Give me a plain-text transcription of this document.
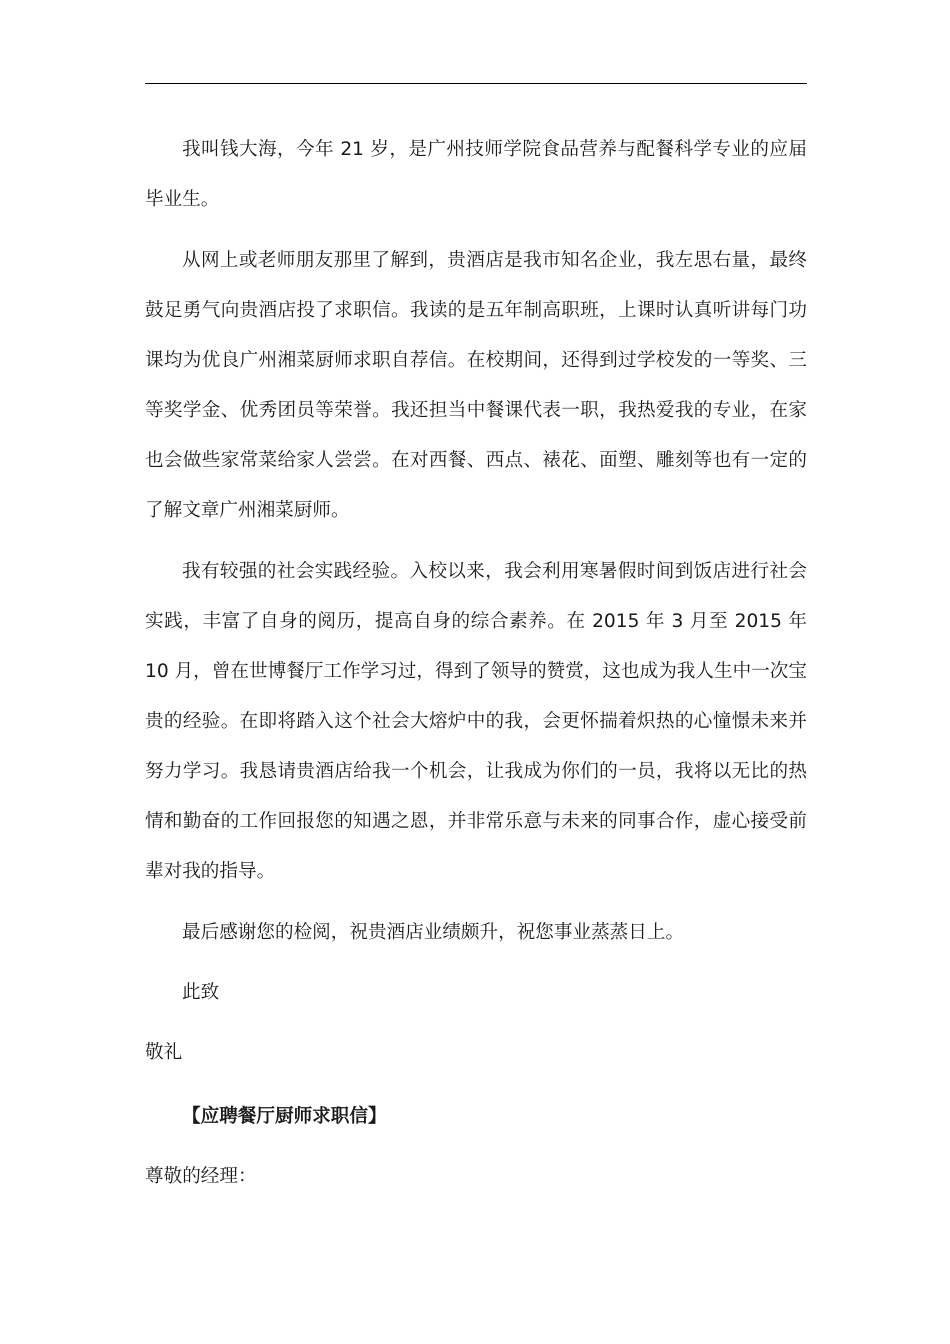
我叫钱大海，今年 21 岁，是广州技师学院食品营养与配餐科学专业的应届毕业生。

从网上或老师朋友那里了解到，贵酒店是我市知名企业，我左思右量，最终鼓足勇气向贵酒店投了求职信。我读的是五年制高职班，上课时认真听讲每门功课均为优良广州湘菜厨师求职自荐信。在校期间，还得到过学校发的一等奖、三等奖学金、优秀团员等荣誉。我还担当中餐课代表一职，我热爱我的专业，在家也会做些家常菜给家人尝尝。在对西餐、西点、裱花、面塑、雕刻等也有一定的了解文章广州湘菜厨师。

我有较强的社会实践经验。入校以来，我会利用寒暑假时间到饭店进行社会实践，丰富了自身的阅历，提高自身的综合素养。在 2015 年 3 月至 2015 年 10 月，曾在世博餐厅工作学习过，得到了领导的赞赏，这也成为我人生中一次宝贵的经验。在即将踏入这个社会大熔炉中的我，会更怀揣着炽热的心憧憬未来并努力学习。我恳请贵酒店给我一个机会，让我成为你们的一员，我将以无比的热情和勤奋的工作回报您的知遇之恩，并非常乐意与未来的同事合作，虚心接受前辈对我的指导。

最后感谢您的检阅，祝贵酒店业绩颇升，祝您事业蒸蒸日上。

此致

敬礼

【应聘餐厅厨师求职信】

尊敬的经理：
